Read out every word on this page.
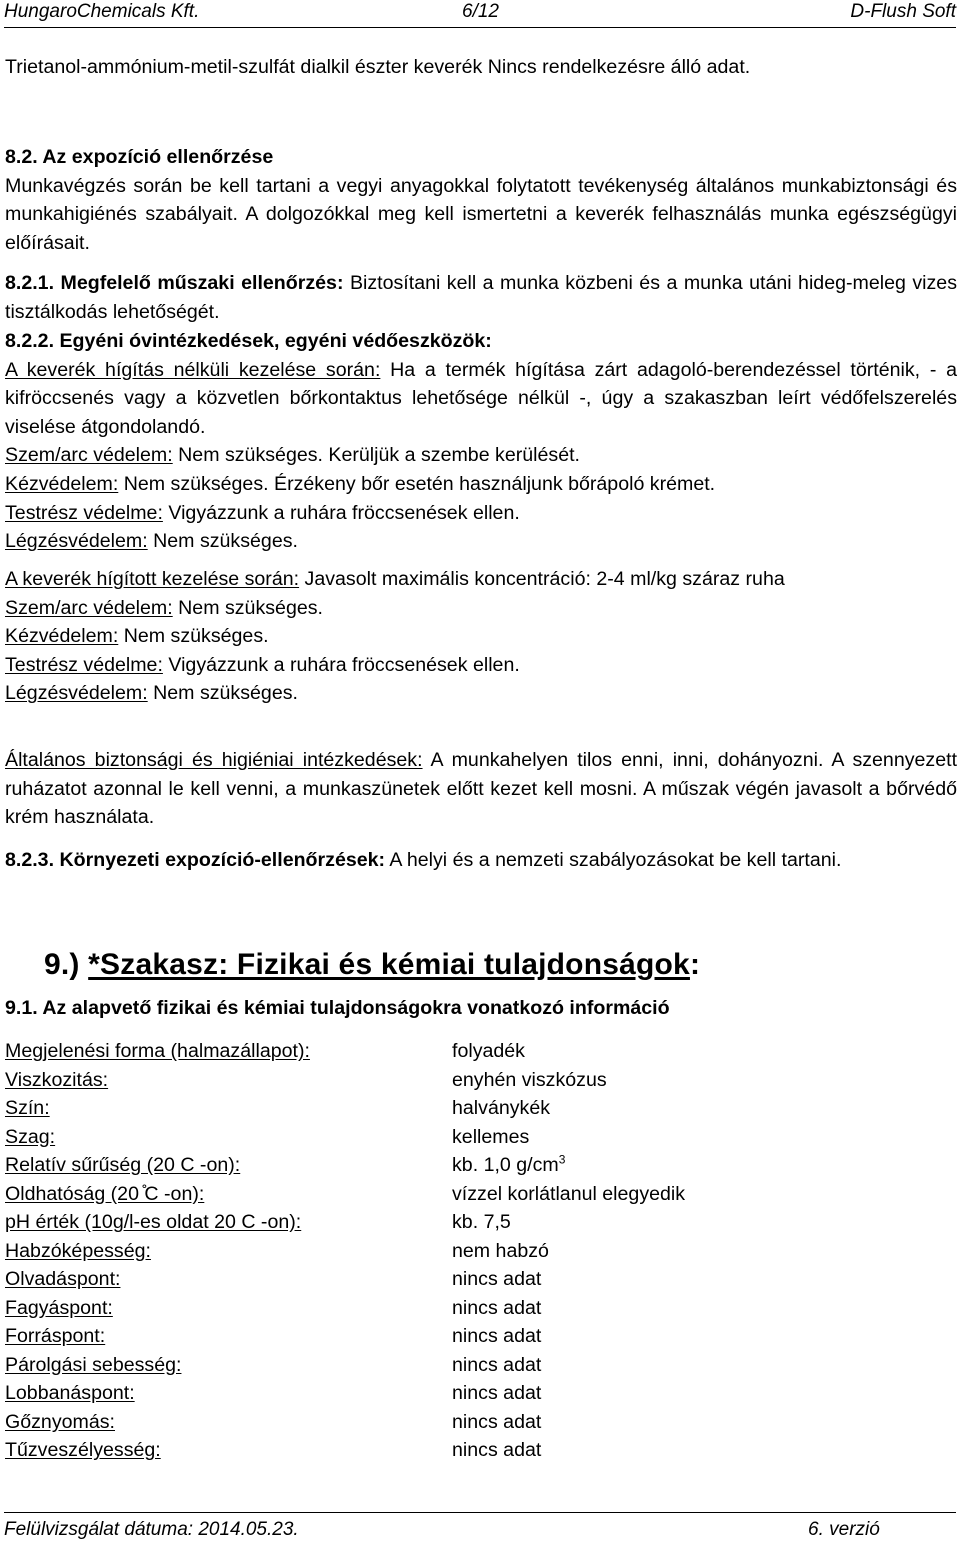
HungaroChemicals Kft.	6/12	D-Flush Soft

Trietanol-ammónium-metil-szulfát dialkil észter keverék Nincs rendelkezésre álló adat.

8.2. Az expozíció ellenőrzése
Munkavégzés során be kell tartani a vegyi anyagokkal folytatott tevékenység általános munkabiztonsági és munkahigiénés szabályait. A dolgozókkal meg kell ismertetni a keverék felhasználás munka egészségügyi előírásait.
8.2.1. Megfelelő műszaki ellenőrzés: Biztosítani kell a munka közbeni és a munka utáni hideg-meleg vizes tisztálkodás lehetőségét.
8.2.2. Egyéni óvintézkedések, egyéni védőeszközök:
A keverék hígítás nélküli kezelése során: Ha a termék hígítása zárt adagoló-berendezéssel történik, - a kifröccsenés vagy a közvetlen bőrkontaktus lehetősége nélkül -, úgy a szakaszban leírt védőfelszerelés viselése átgondolandó.
Szem/arc védelem: Nem szükséges. Kerüljük a szembe kerülését.
Kézvédelem: Nem szükséges. Érzékeny bőr esetén használjunk bőrápoló krémet.
Testrész védelme: Vigyázzunk a ruhára fröccsenések ellen.
Légzésvédelem: Nem szükséges.
A keverék hígított kezelése során: Javasolt maximális koncentráció: 2-4 ml/kg száraz ruha
Szem/arc védelem: Nem szükséges.
Kézvédelem: Nem szükséges.
Testrész védelme: Vigyázzunk a ruhára fröccsenések ellen.
Légzésvédelem: Nem szükséges.
Általános biztonsági és higiéniai intézkedések: A munkahelyen tilos enni, inni, dohányozni. A szennyezett ruházatot azonnal le kell venni, a munkaszünetek előtt kezet kell mosni. A műszak végén javasolt a bőrvédő krém használata.
8.2.3. Környezeti expozíció-ellenőrzések: A helyi és a nemzeti szabályozásokat be kell tartani.
9.) *Szakasz: Fizikai és kémiai tulajdonságok:
9.1. Az alapvető fizikai és kémiai tulajdonságokra vonatkozó információ
Megjelenési forma (halmazállapot):	folyadék
Viszkozitás:	enyhén viszkózus
Szín:	halványkék
Szag:	kellemes
Relatív sűrűség (20 C -on):	kb. 1,0 $g/cm^3$
Oldhatóság (20 ̊C -on):	vízzel korlátlanul elegyedik
pH érték (10g/l-es oldat 20 C -on):	kb. 7,5
Habzóképesség:	nem habzó
Olvadáspont:	nincs adat
Fagyáspont:	nincs adat
Forráspont:	nincs adat
Párolgási sebesség:	nincs adat
Lobbanáspont:	nincs adat
Gőznyomás:	nincs adat
Tűzveszélyesség:	nincs adat
Felülvizsgálat dátuma: 2014.05.23.	6. verzió
